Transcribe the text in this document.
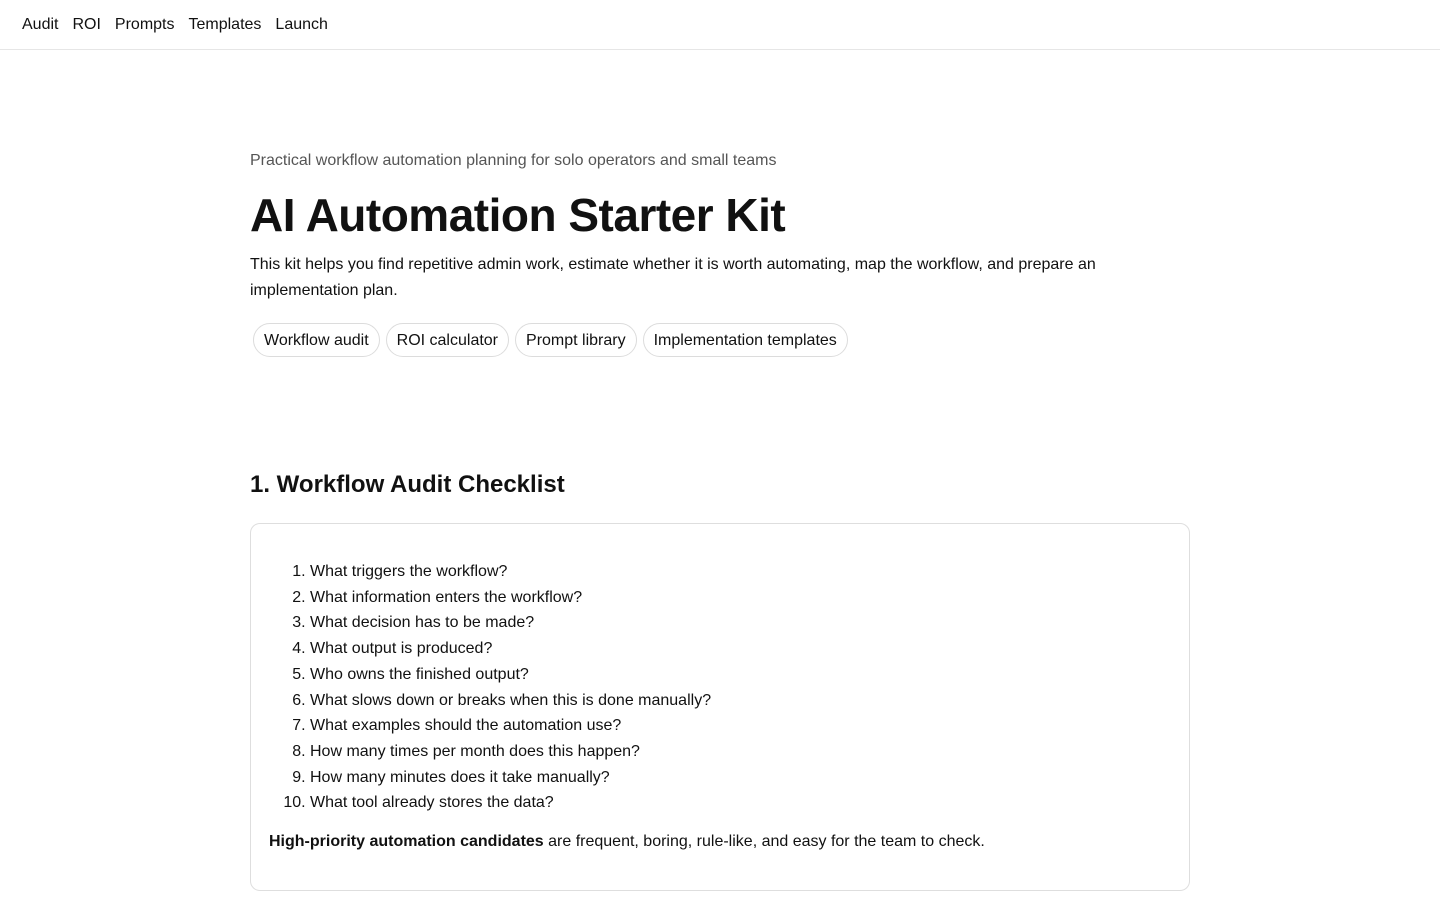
Audit ROI Prompts Templates Launch
Practical workflow automation planning for solo operators and small teams
AI Automation Starter Kit

This kit helps you find repetitive admin work, estimate whether it is worth automating, map the workflow, and prepare an implementation plan.

Workflow audit	ROI calculator	Prompt library	Implementation templates
1. Workflow Audit Checklist
1. What triggers the workflow?
2. What information enters the workflow?
3. What decision has to be made?
4. What output is produced?
5. Who owns the finished output?
6. What slows down or breaks when this is done manually?
7. What examples should the automation use?
8. How many times per month does this happen?
9. How many minutes does it take manually?
10. What tool already stores the data?

High-priority automation candidates are frequent, boring, rule-like, and easy for the team to check.
